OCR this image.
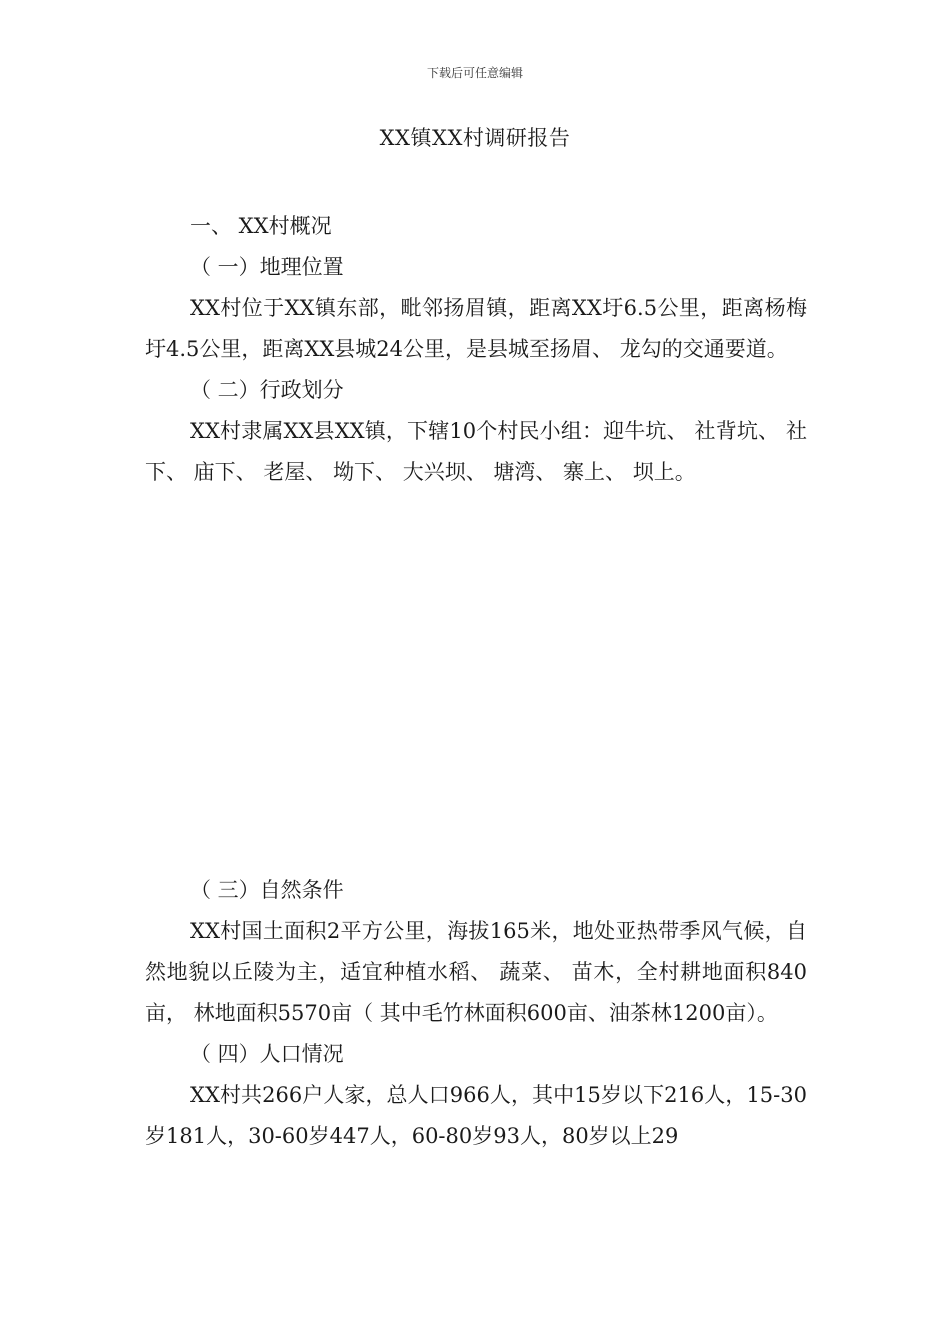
下载后可任意编辑
XX镇XX村调研报告

一、 XX村概况

（ 一）地理位置

XX村位于XX镇东部，毗邻扬眉镇，距离XX圩6.5公里，距离杨梅圩4.5公里，距离XX县城24公里，是县城至扬眉、 龙勾的交通要道。

（ 二）行政划分

XX村隶属XX县XX镇，下辖10个村民小组：迎牛坑、 社背坑、 社下、 庙下、 老屋、 坳下、 大兴坝、 塘湾、 寨上、 坝上。

（ 三）自然条件

XX村国土面积2平方公里，海拔165米，地处亚热带季风气候，自然地貌以丘陵为主，适宜种植水稻、 蔬菜、 苗木，全村耕地面积840亩， 林地面积5570亩（ 其中毛竹林面积600亩、油茶林1200亩）。

（ 四）人口情况

XX村共266户人家，总人口966人，其中15岁以下216人，15-30岁181人，30-60岁447人，60-80岁93人，80岁以上29
